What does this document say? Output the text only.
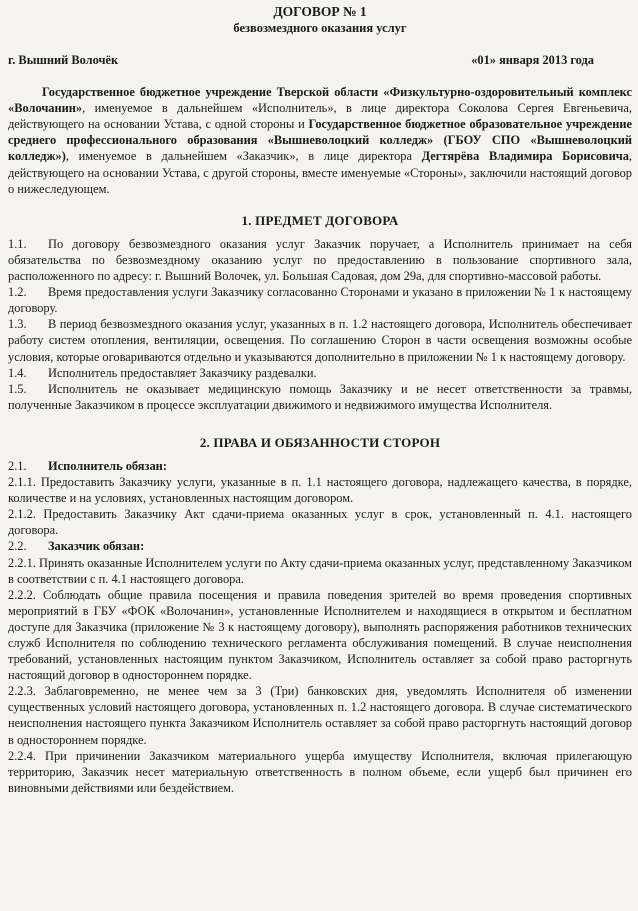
ДОГОВОР № 1

безвозмездного оказания услуг

г. Вышний Волочёк	«01» января 2013 года

Государственное бюджетное учреждение Тверской области «Физкультурно-оздоровительный комплекс «Волочанин», именуемое в дальнейшем «Исполнитель», в лице директора Соколова Сергея Евгеньевича, действующего на основании Устава, с одной стороны и Государственное бюджетное образовательное учреждение среднего профессионального образования «Вышневолоцкий колледж» (ГБОУ СПО «Вышневолоцкий колледж»), именуемое в дальнейшем «Заказчик», в лице директора Дегтярёва Владимира Борисовича, действующего на основании Устава, с другой стороны, вместе именуемые «Стороны», заключили настоящий договор о нижеследующем.

1. ПРЕДМЕТ ДОГОВОРА

1.1. По договору безвозмездного оказания услуг Заказчик поручает, а Исполнитель принимает на себя обязательства по безвозмездному оказанию услуг по предоставлению в пользование спортивного зала, расположенного по адресу: г. Вышний Волочек, ул. Большая Садовая, дом 29а, для спортивно-массовой работы.

1.2. Время предоставления услуги Заказчику согласованно Сторонами и указано в приложении № 1 к настоящему договору.

1.3. В период безвозмездного оказания услуг, указанных в п. 1.2 настоящего договора, Исполнитель обеспечивает работу систем отопления, вентиляции, освещения. По соглашению Сторон в части освещения возможны особые условия, которые оговариваются отдельно и указываются дополнительно в приложении № 1 к настоящему договору.

1.4. Исполнитель предоставляет Заказчику раздевалки.

1.5. Исполнитель не оказывает медицинскую помощь Заказчику и не несет ответственности за травмы, полученные Заказчиком в процессе эксплуатации движимого и недвижимого имущества Исполнителя.

2. ПРАВА И ОБЯЗАННОСТИ СТОРОН

2.1. Исполнитель обязан:

2.1.1. Предоставить Заказчику услуги, указанные в п. 1.1 настоящего договора, надлежащего качества, в порядке, количестве и на условиях, установленных настоящим договором.

2.1.2. Предоставить Заказчику Акт сдачи-приема оказанных услуг в срок, установленный п. 4.1. настоящего договора.

2.2. Заказчик обязан:

2.2.1. Принять оказанные Исполнителем услуги по Акту сдачи-приема оказанных услуг, представленному Заказчиком в соответствии с п. 4.1 настоящего договора.

2.2.2. Соблюдать общие правила посещения и правила поведения зрителей во время проведения спортивных мероприятий в ГБУ «ФОК «Волочанин», установленные Исполнителем и находящиеся в открытом и бесплатном доступе для Заказчика (приложение № 3 к настоящему договору), выполнять распоряжения работников технических служб Исполнителя по соблюдению технического регламента обслуживания помещений. В случае неисполнения требований, установленных настоящим пунктом Заказчиком, Исполнитель оставляет за собой право расторгнуть настоящий договор в одностороннем порядке.

2.2.3. Заблаговременно, не менее чем за 3 (Три) банковских дня, уведомлять Исполнителя об изменении существенных условий настоящего договора, установленных п. 1.2 настоящего договора. В случае систематического неисполнения настоящего пункта Заказчиком Исполнитель оставляет за собой право расторгнуть настоящий договор в одностороннем порядке.

2.2.4. При причинении Заказчиком материального ущерба имуществу Исполнителя, включая прилегающую территорию, Заказчик несет материальную ответственность в полном объеме, если ущерб был причинен его виновными действиями или бездействием.
